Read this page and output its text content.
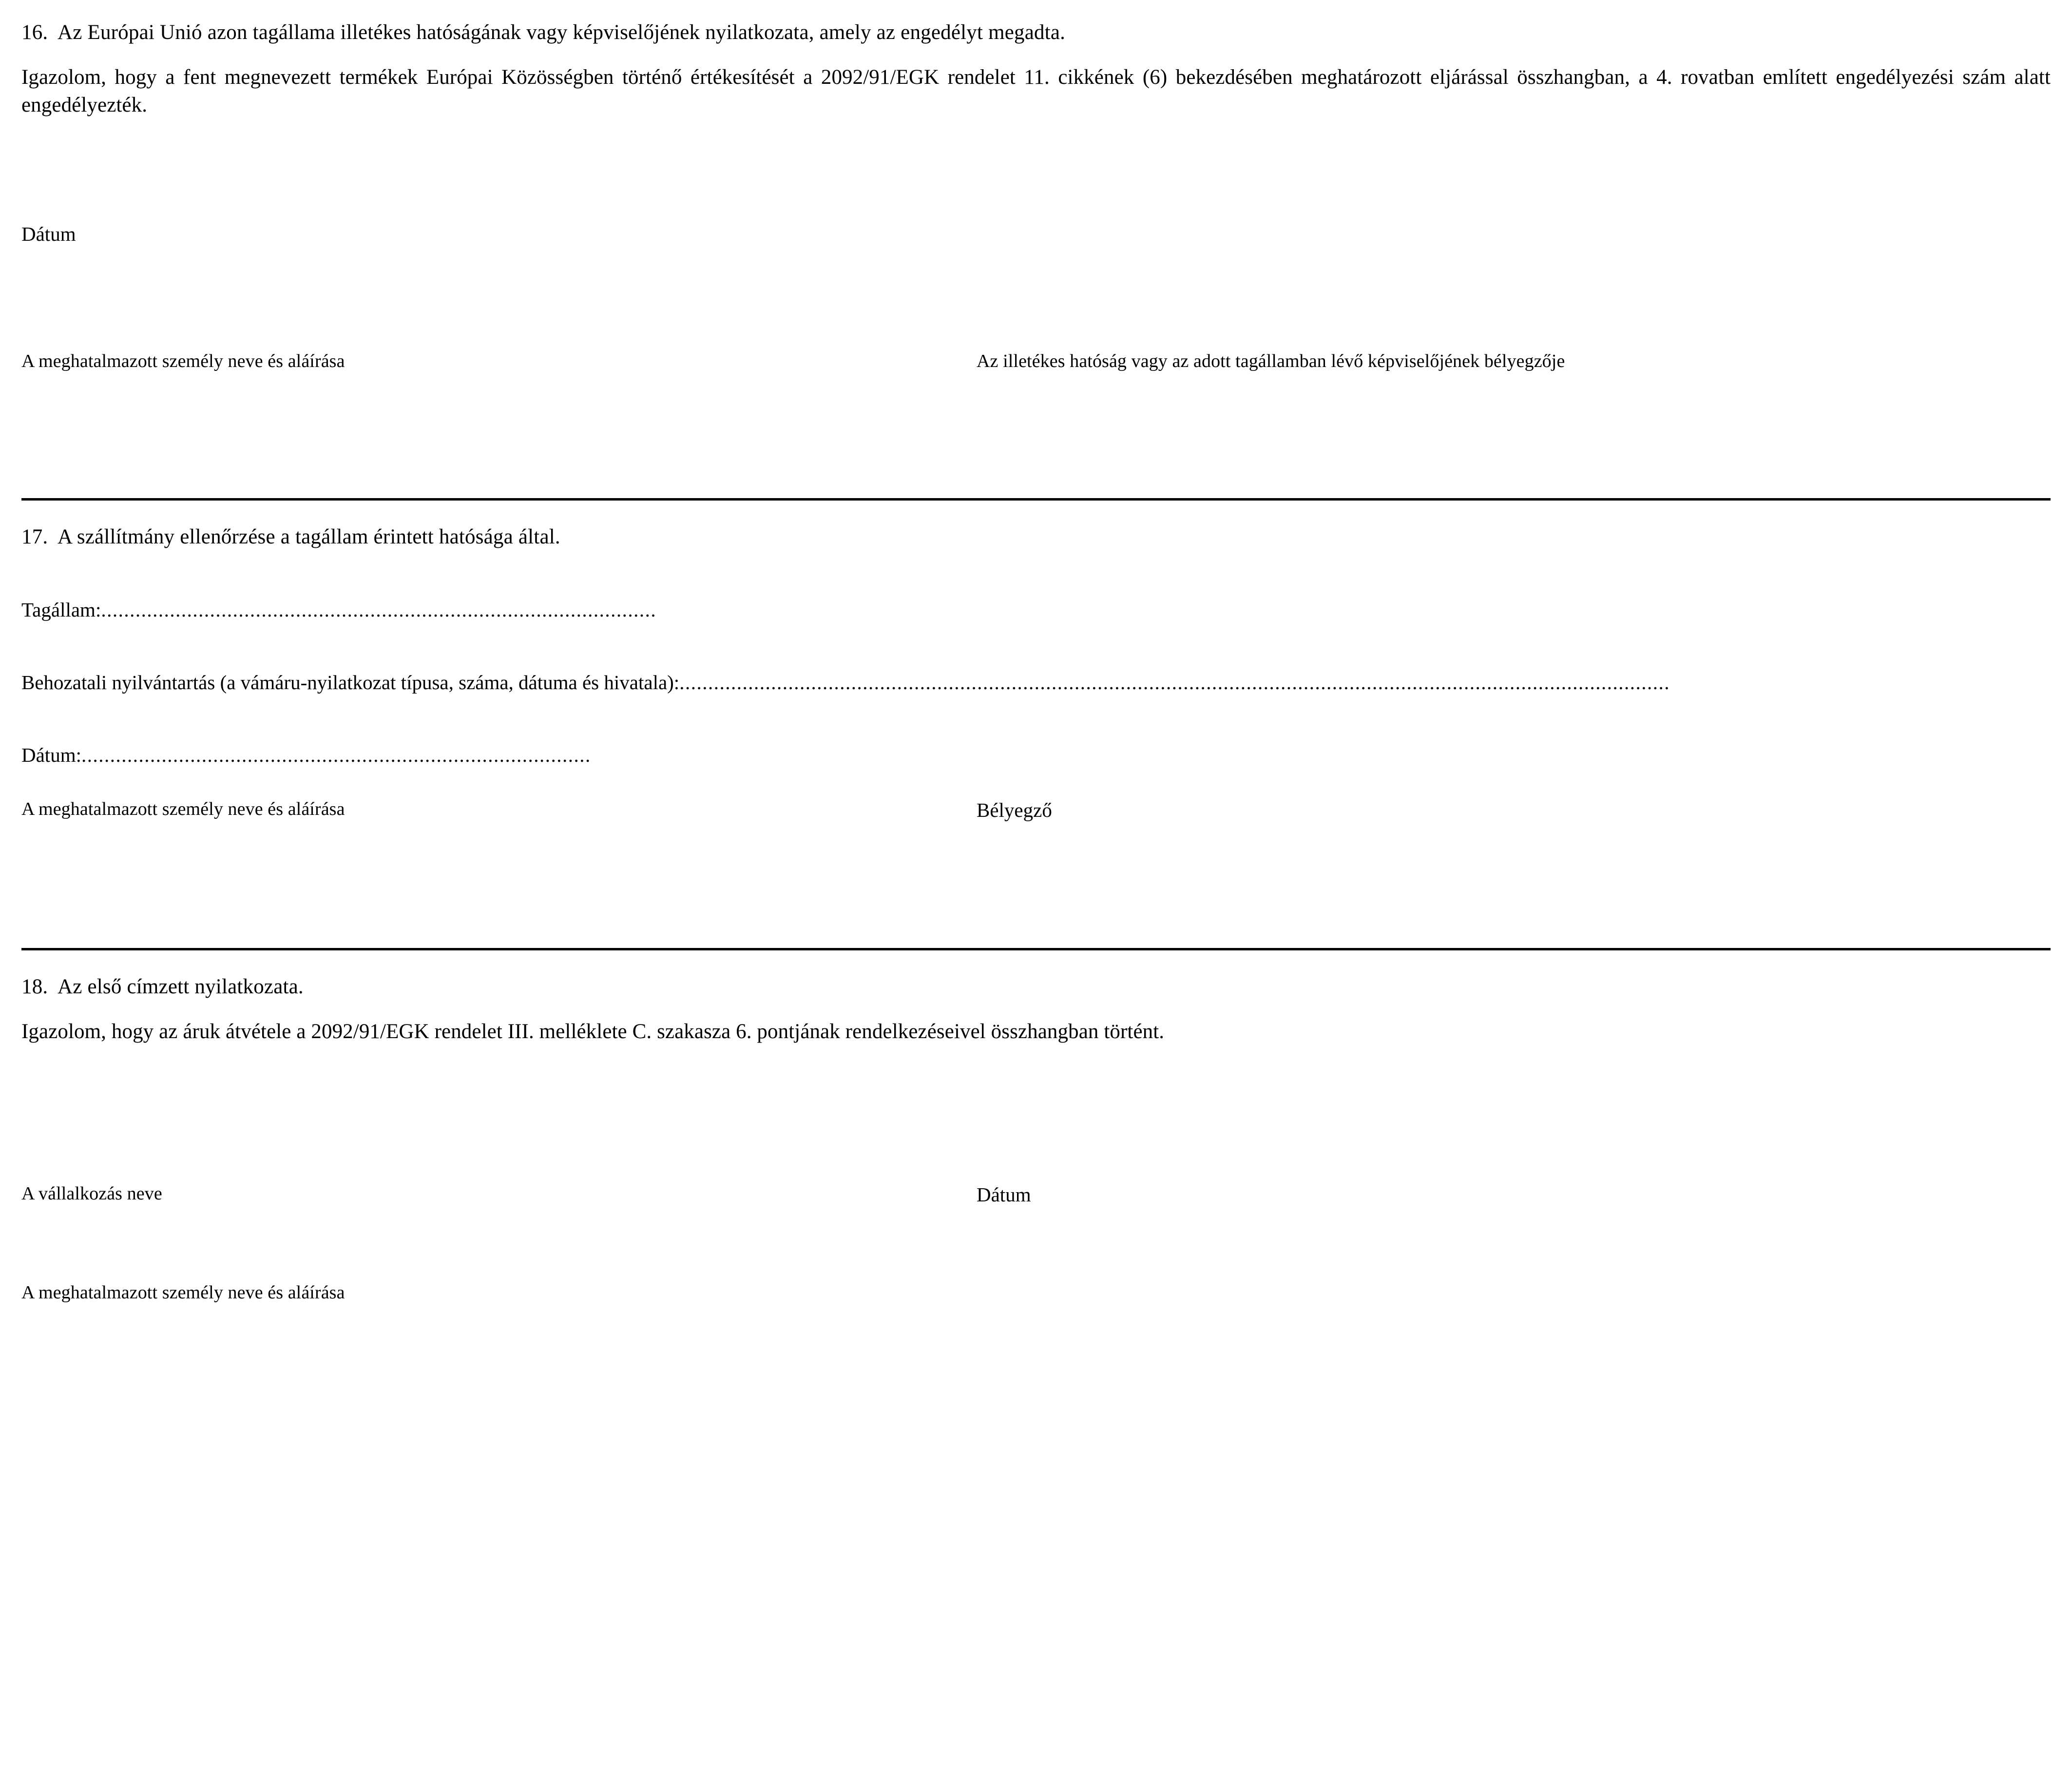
16. Az Európai Unió azon tagállama illetékes hatóságának vagy képviselőjének nyilatkozata, amely az engedélyt megadta.
Igazolom, hogy a fent megnevezett termékek Európai Közösségben történő értékesítését a 2092/91/EGK rendelet 11. cikkének (6) bekezdésében meghatározott eljárással összhangban, a 4. rovatban említett engedélyezési szám alatt engedélyezték.
Dátum
A meghatalmazott személy neve és aláírása	Az illetékes hatóság vagy az adott tagállamban lévő képviselőjének bélyegzője
17. A szállítmány ellenőrzése a tagállam érintett hatósága által.
Tagállam: .................................................................................................
Behozatali nyilvántartás (a vámáru-nyilatkozat típusa, száma, dátuma és hivatala): .............................................................................................................................................................................
Dátum: .........................................................................................
A meghatalmazott személy neve és aláírása	Bélyegző
18. Az első címzett nyilatkozata.
Igazolom, hogy az áruk átvétele a 2092/91/EGK rendelet III. melléklete C. szakasza 6. pontjának rendelkezéseivel összhangban történt.
A vállalkozás neve	Dátum
A meghatalmazott személy neve és aláírása
